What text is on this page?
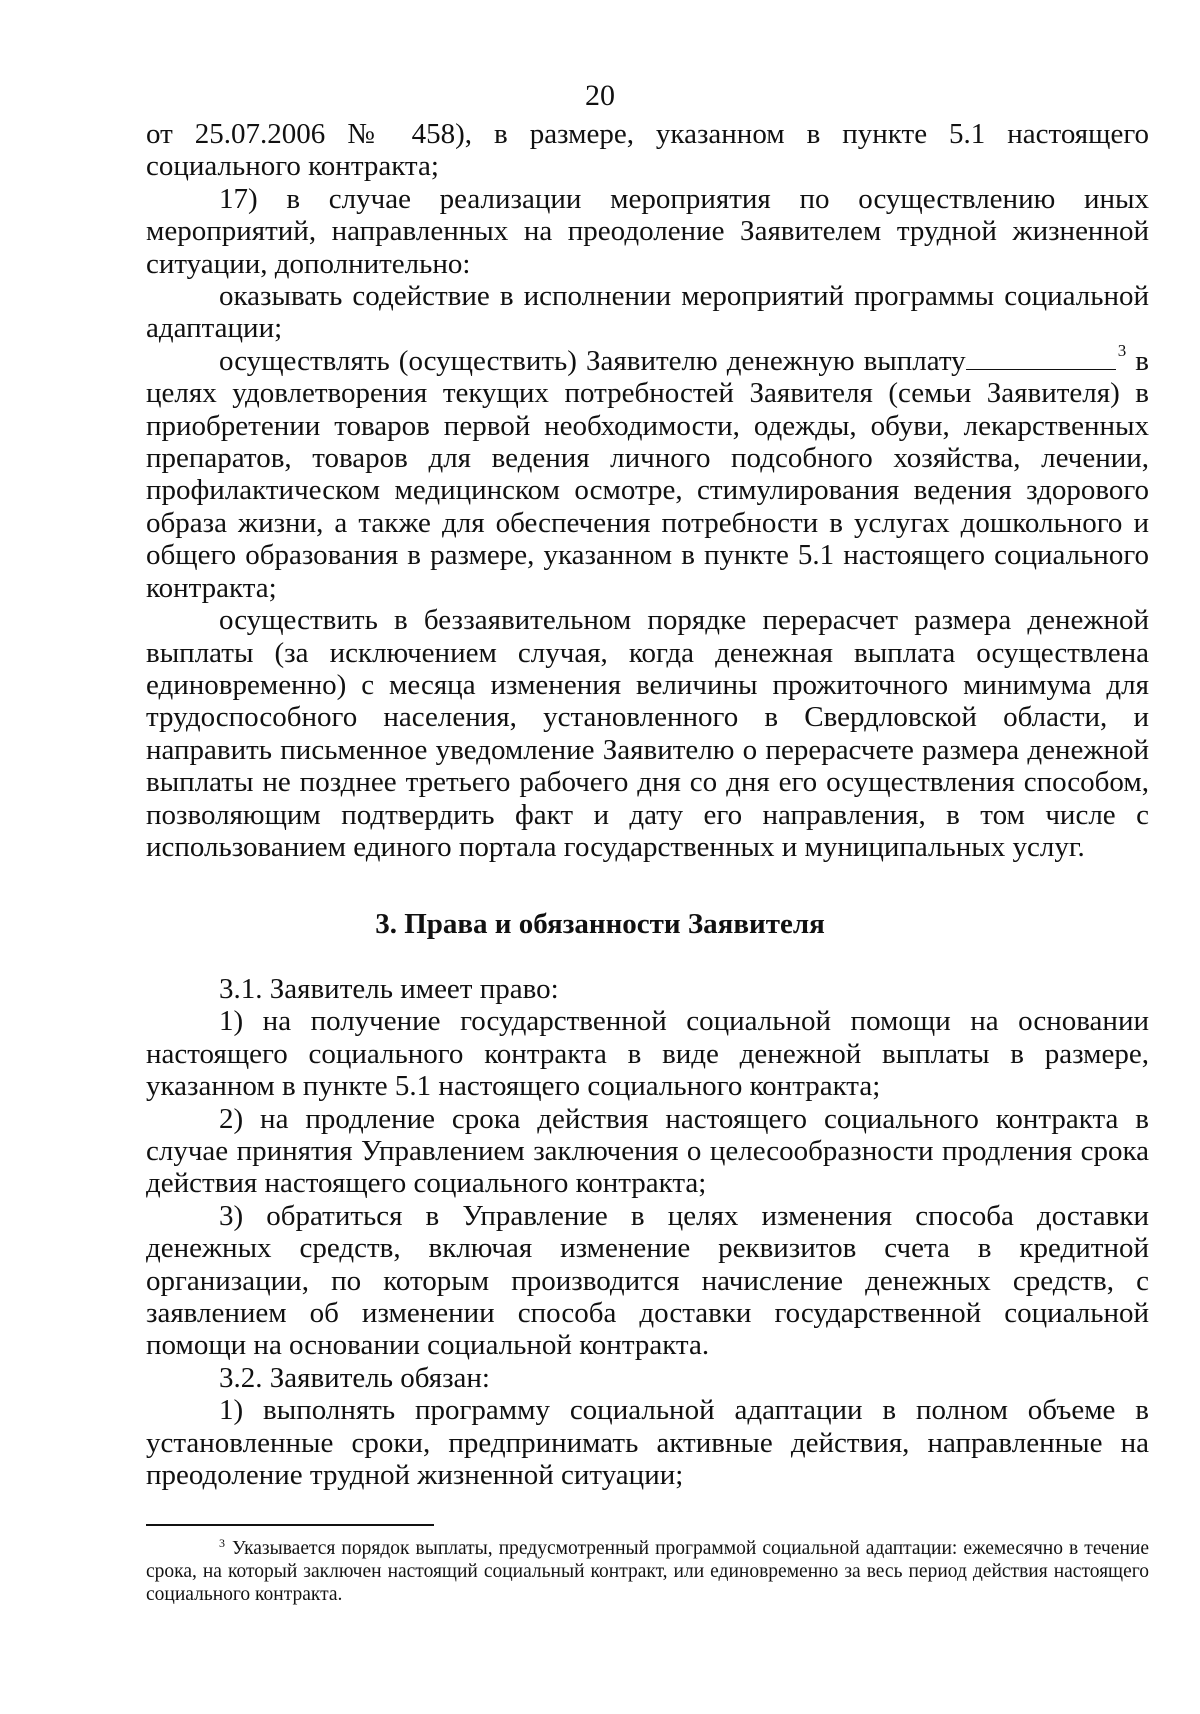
20

от 25.07.2006 № 458), в размере, указанном в пункте 5.1 настоящего социального контракта;

17) в случае реализации мероприятия по осуществлению иных мероприятий, направленных на преодоление Заявителем трудной жизненной ситуации, дополнительно:

оказывать содействие в исполнении мероприятий программы социальной адаптации;

осуществлять (осуществить) Заявителю денежную выплату	$^3$ в целях удовлетворения текущих потребностей Заявителя (семьи Заявителя) в приобретении товаров первой необходимости, одежды, обуви, лекарственных препаратов, товаров для ведения личного подсобного хозяйства, лечении, профилактическом медицинском осмотре, стимулирования ведения здорового образа жизни, а также для обеспечения потребности в услугах дошкольного и общего образования в размере, указанном в пункте 5.1 настоящего социального контракта;

осуществить в беззаявительном порядке перерасчет размера денежной выплаты (за исключением случая, когда денежная выплата осуществлена единовременно) с месяца изменения величины прожиточного минимума для трудоспособного населения, установленного в Свердловской области, и направить письменное уведомление Заявителю о перерасчете размера денежной выплаты не позднее третьего рабочего дня со дня его осуществления способом, позволяющим подтвердить факт и дату его направления, в том числе с использованием единого портала государственных и муниципальных услуг.

3. Права и обязанности Заявителя

3.1. Заявитель имеет право:

1) на получение государственной социальной помощи на основании настоящего социального контракта в виде денежной выплаты в размере, указанном в пункте 5.1 настоящего социального контракта;

2) на продление срока действия настоящего социального контракта в случае принятия Управлением заключения о целесообразности продления срока действия настоящего социального контракта;

3) обратиться в Управление в целях изменения способа доставки денежных средств, включая изменение реквизитов счета в кредитной организации, по которым производится начисление денежных средств, с заявлением об изменении способа доставки государственной социальной помощи на основании социальной контракта.

3.2. Заявитель обязан:

1) выполнять программу социальной адаптации в полном объеме в установленные сроки, предпринимать активные действия, направленные на преодоление трудной жизненной ситуации;

$^3$ Указывается порядок выплаты, предусмотренный программой социальной адаптации: ежемесячно в течение срока, на который заключен настоящий социальный контракт, или единовременно за весь период действия настоящего социального контракта.
